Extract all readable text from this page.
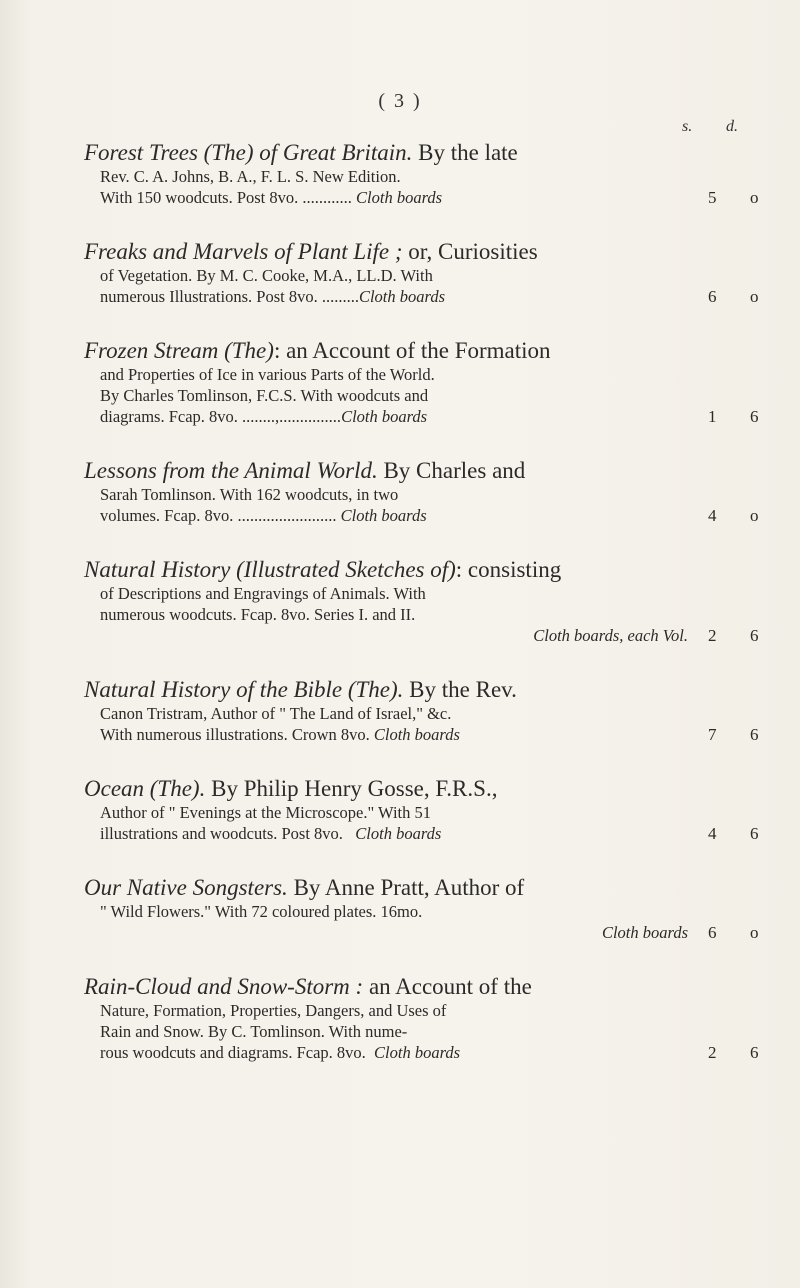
( 3 )
s. d.
Forest Trees (The) of Great Britain. By the late
Rev. C. A. Johns, B. A., F. L. S. New Edition.
With 150 woodcuts. Post 8vo. ............ Cloth boards	5 o
Freaks and Marvels of Plant Life ; or, Curiosities
of Vegetation. By M. C. Cooke, M.A., LL.D. With
numerous Illustrations. Post 8vo. .........Cloth boards	6 o
Frozen Stream (The): an Account of the Formation
and Properties of Ice in various Parts of the World.
By Charles Tomlinson, F.C.S. With woodcuts and
diagrams. Fcap. 8vo. ........,...............Cloth boards	1 6
Lessons from the Animal World. By Charles and
Sarah Tomlinson. With 162 woodcuts, in two
volumes. Fcap. 8vo. ........................ Cloth boards	4 o
Natural History (Illustrated Sketches of): consisting
of Descriptions and Engravings of Animals. With
numerous woodcuts. Fcap. 8vo. Series I. and II.
Cloth boards, each Vol. 2 6
Natural History of the Bible (The). By the Rev.
Canon Tristram, Author of " The Land of Israel," &c.
With numerous illustrations. Crown 8vo. Cloth boards	7 6
Ocean (The). By Philip Henry Gosse, F.R.S.,
Author of " Evenings at the Microscope." With 51
illustrations and woodcuts. Post 8vo. Cloth boards	4 6
Our Native Songsters. By Anne Pratt, Author of
" Wild Flowers." With 72 coloured plates. 16mo.
Cloth boards 6 o
Rain-Cloud and Snow-Storm : an Account of the
Nature, Formation, Properties, Dangers, and Uses of
Rain and Snow. By C. Tomlinson. With nume-
rous woodcuts and diagrams. Fcap. 8vo. Cloth boards	2 6
